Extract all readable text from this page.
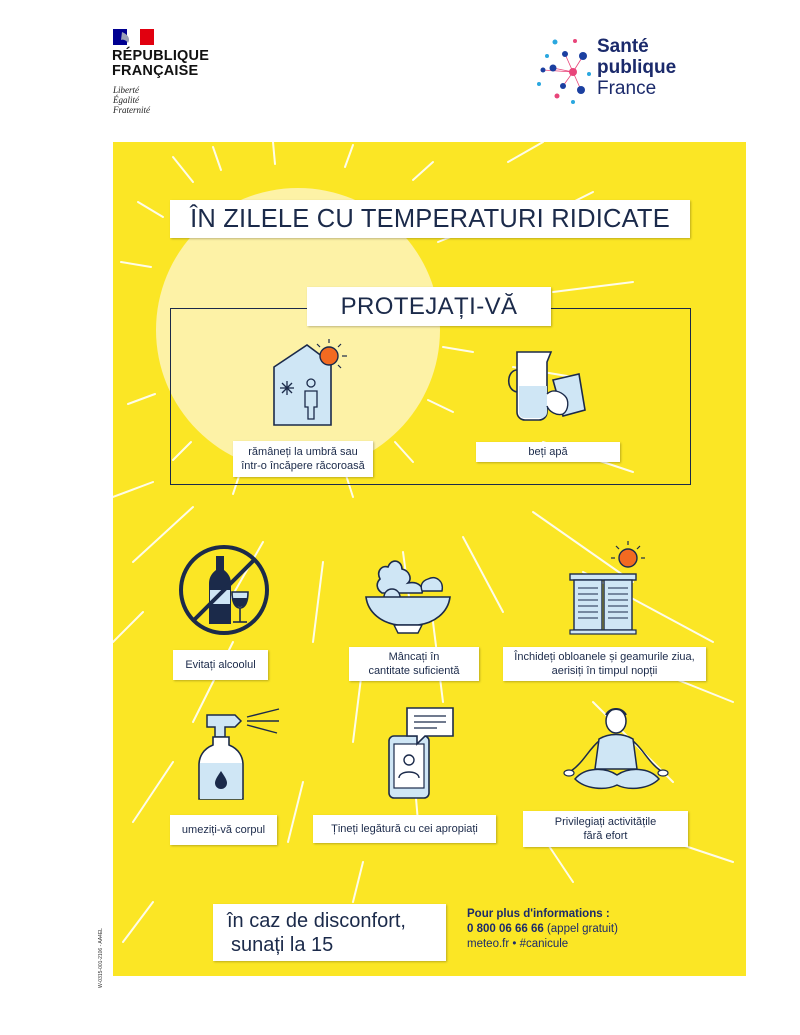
RÉPUBLIQUE
FRANÇAISE
Liberté
Égalité
Fraternité
Santé
publique
France
ÎN ZILELE CU TEMPERATURI RIDICATE
PROTEJAȚI-VĂ
rămâneți la umbră sau
într-o încăpere răcoroasă
beți apă
Evitați alcoolul
Mâncați în
cantitate suficientă
Închideți obloanele și geamurile ziua,
aerisiți în timpul nopții
umeziți-vă corpul	Țineți legătură cu cei apropiați
Privilegiați activitățile
fără efort
în caz de disconfort,
sunați la 15
Pour plus d'informations :
0 800 06 66 66 (appel gratuit)
meteo.fr • #canicule
W-0315-001-2106 - AA4EL
